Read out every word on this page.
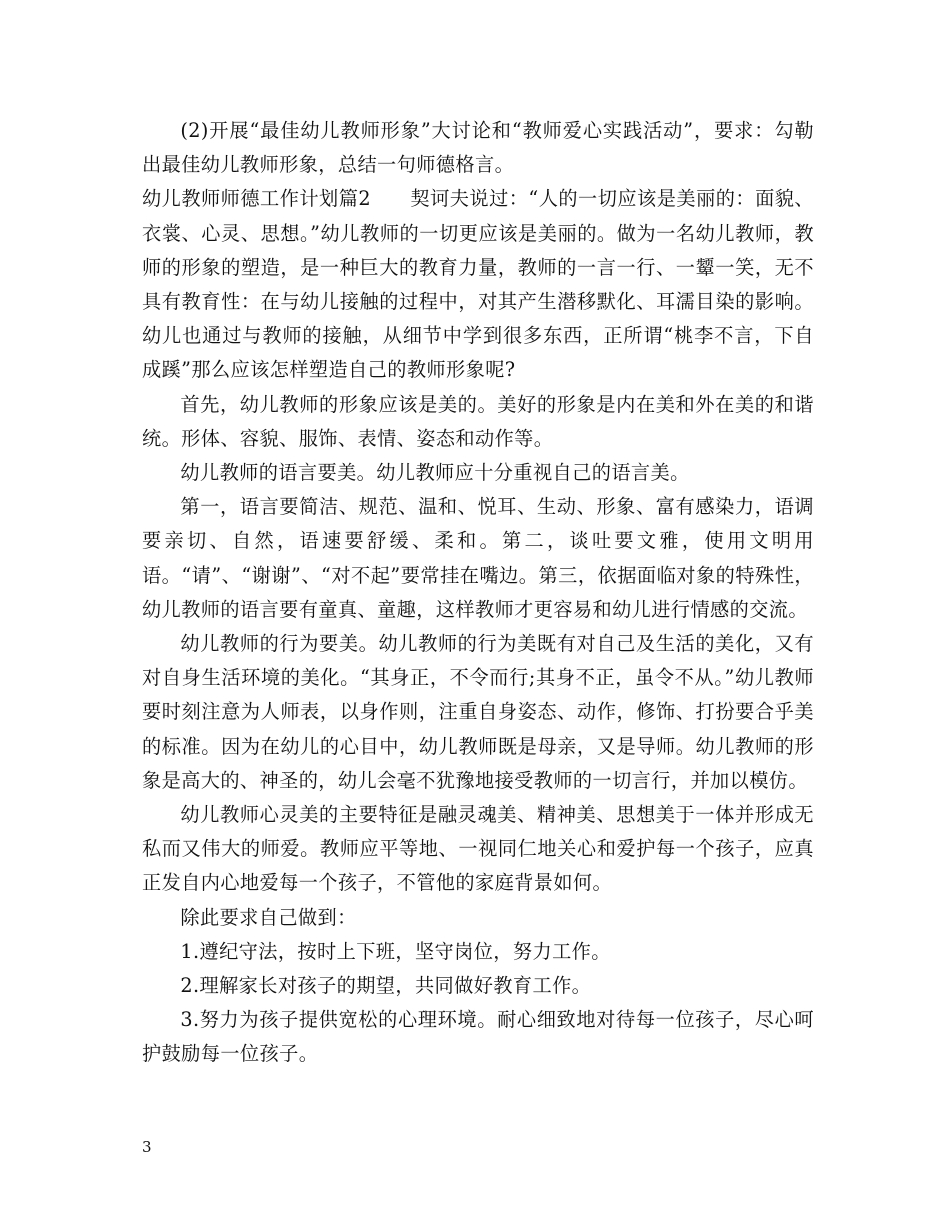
(2)开展“最佳幼儿教师形象”大讨论和“教师爱心实践活动”，要求：勾勒出最佳幼儿教师形象，总结一句师德格言。

幼儿教师师德工作计划篇2　　契诃夫说过：“人的一切应该是美丽的：面貌、衣裳、心灵、思想。”幼儿教师的一切更应该是美丽的。做为一名幼儿教师，教师的形象的塑造，是一种巨大的教育力量，教师的一言一行、一颦一笑，无不具有教育性：在与幼儿接触的过程中，对其产生潜移默化、耳濡目染的影响。幼儿也通过与教师的接触，从细节中学到很多东西，正所谓“桃李不言，下自成蹊”那么应该怎样塑造自己的教师形象呢?

首先，幼儿教师的形象应该是美的。美好的形象是内在美和外在美的和谐统。形体、容貌、服饰、表情、姿态和动作等。

幼儿教师的语言要美。幼儿教师应十分重视自己的语言美。

第一，语言要简洁、规范、温和、悦耳、生动、形象、富有感染力，语调要亲切、自然，语速要舒缓、柔和。第二，谈吐要文雅，使用文明用语。“请”、“谢谢”、“对不起”要常挂在嘴边。第三，依据面临对象的特殊性，幼儿教师的语言要有童真、童趣，这样教师才更容易和幼儿进行情感的交流。

幼儿教师的行为要美。幼儿教师的行为美既有对自己及生活的美化，又有对自身生活环境的美化。“其身正，不令而行;其身不正，虽令不从。”幼儿教师要时刻注意为人师表，以身作则，注重自身姿态、动作，修饰、打扮要合乎美的标准。因为在幼儿的心目中，幼儿教师既是母亲，又是导师。幼儿教师的形象是高大的、神圣的，幼儿会毫不犹豫地接受教师的一切言行，并加以模仿。

幼儿教师心灵美的主要特征是融灵魂美、精神美、思想美于一体并形成无私而又伟大的师爱。教师应平等地、一视同仁地关心和爱护每一个孩子，应真正发自内心地爱每一个孩子，不管他的家庭背景如何。

除此要求自己做到：

1.遵纪守法，按时上下班，坚守岗位，努力工作。

2.理解家长对孩子的期望，共同做好教育工作。

3.努力为孩子提供宽松的心理环境。耐心细致地对待每一位孩子，尽心呵护鼓励每一位孩子。

3
